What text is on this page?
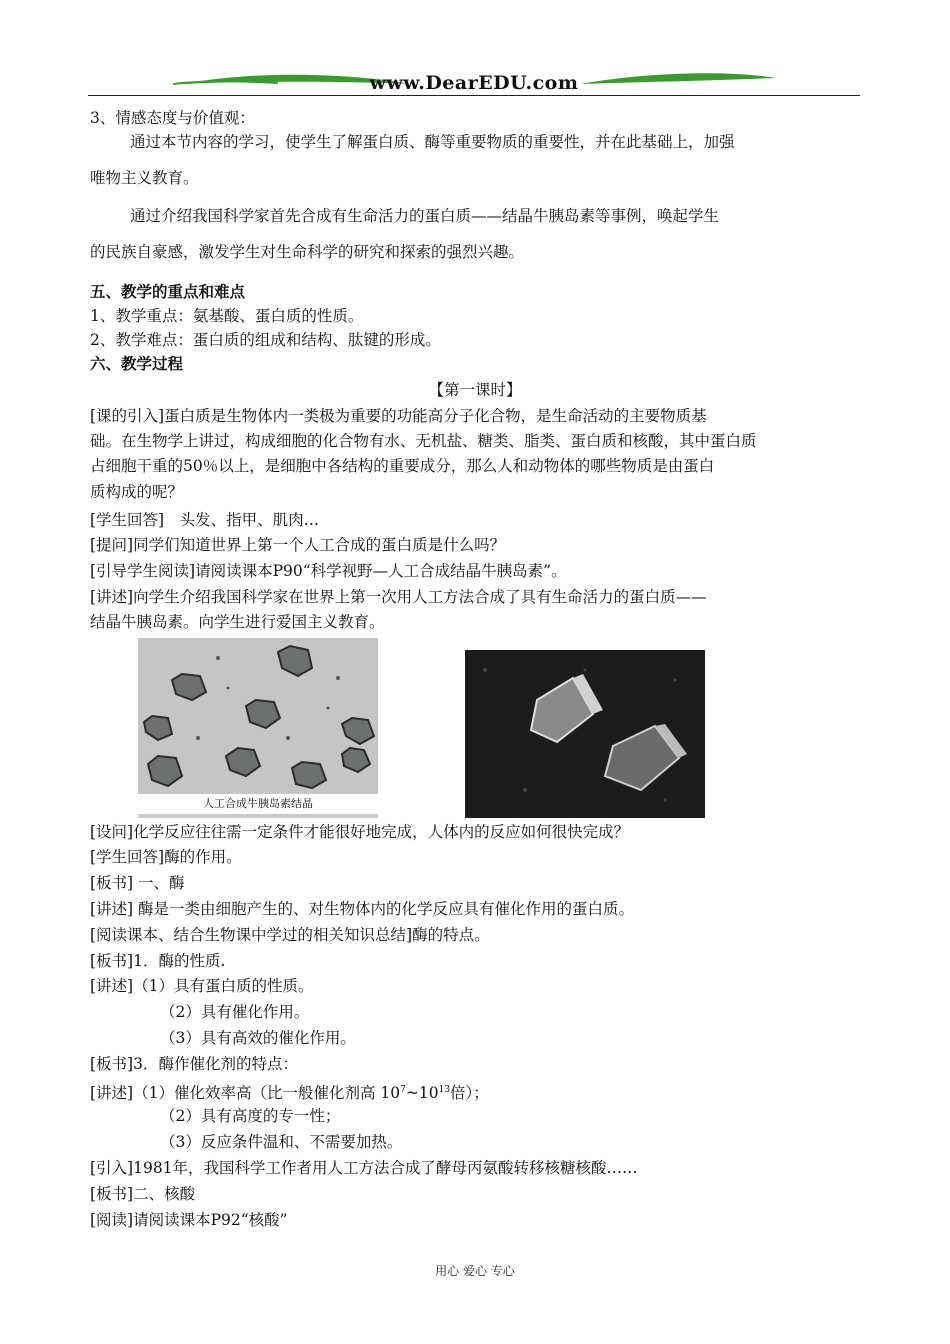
www.DearEDU.com
3、情感态度与价值观：
通过本节内容的学习，使学生了解蛋白质、酶等重要物质的重要性，并在此基础上，加强
唯物主义教育。
通过介绍我国科学家首先合成有生命活力的蛋白质——结晶牛胰岛素等事例，唤起学生
的民族自豪感，激发学生对生命科学的研究和探索的强烈兴趣。
五、教学的重点和难点
1、教学重点：氨基酸、蛋白质的性质。
2、教学难点：蛋白质的组成和结构、肽键的形成。
六、教学过程
【第一课时】
[课的引入]蛋白质是生物体内一类极为重要的功能高分子化合物，是生命活动的主要物质基
础。在生物学上讲过，构成细胞的化合物有水、无机盐、糖类、脂类、蛋白质和核酸，其中蛋白质
占细胞干重的50％以上，是细胞中各结构的重要成分，那么人和动物体的哪些物质是由蛋白
质构成的呢？
[学生回答]　头发、指甲、肌肉…
[提问]同学们知道世界上第一个人工合成的蛋白质是什么吗？
[引导学生阅读]请阅读课本P90“科学视野—人工合成结晶牛胰岛素”。
[讲述]向学生介绍我国科学家在世界上第一次用人工方法合成了具有生命活力的蛋白质——
结晶牛胰岛素。向学生进行爱国主义教育。
人工合成牛胰岛素结晶
[设问]化学反应往往需一定条件才能很好地完成，人体内的反应如何很快完成？
[学生回答]酶的作用。
[板书] 一、酶
[讲述] 酶是一类由细胞产生的、对生物体内的化学反应具有催化作用的蛋白质。
[阅读课本、结合生物课中学过的相关知识总结]酶的特点。
[板书]1．酶的性质.
[讲述]（1）具有蛋白质的性质。
（2）具有催化作用。
（3）具有高效的催化作用。
[板书]3．酶作催化剂的特点：
[讲述]（1）催化效率高（比一般催化剂高 $10^7\sim 10^{13}$倍）；
（2）具有高度的专一性；
（3）反应条件温和、不需要加热。
[引入]1981年，我国科学工作者用人工方法合成了酵母丙氨酸转移核糖核酸……
[板书]二、核酸
[阅读]请阅读课本P92“核酸”
用心 爱心 专心
